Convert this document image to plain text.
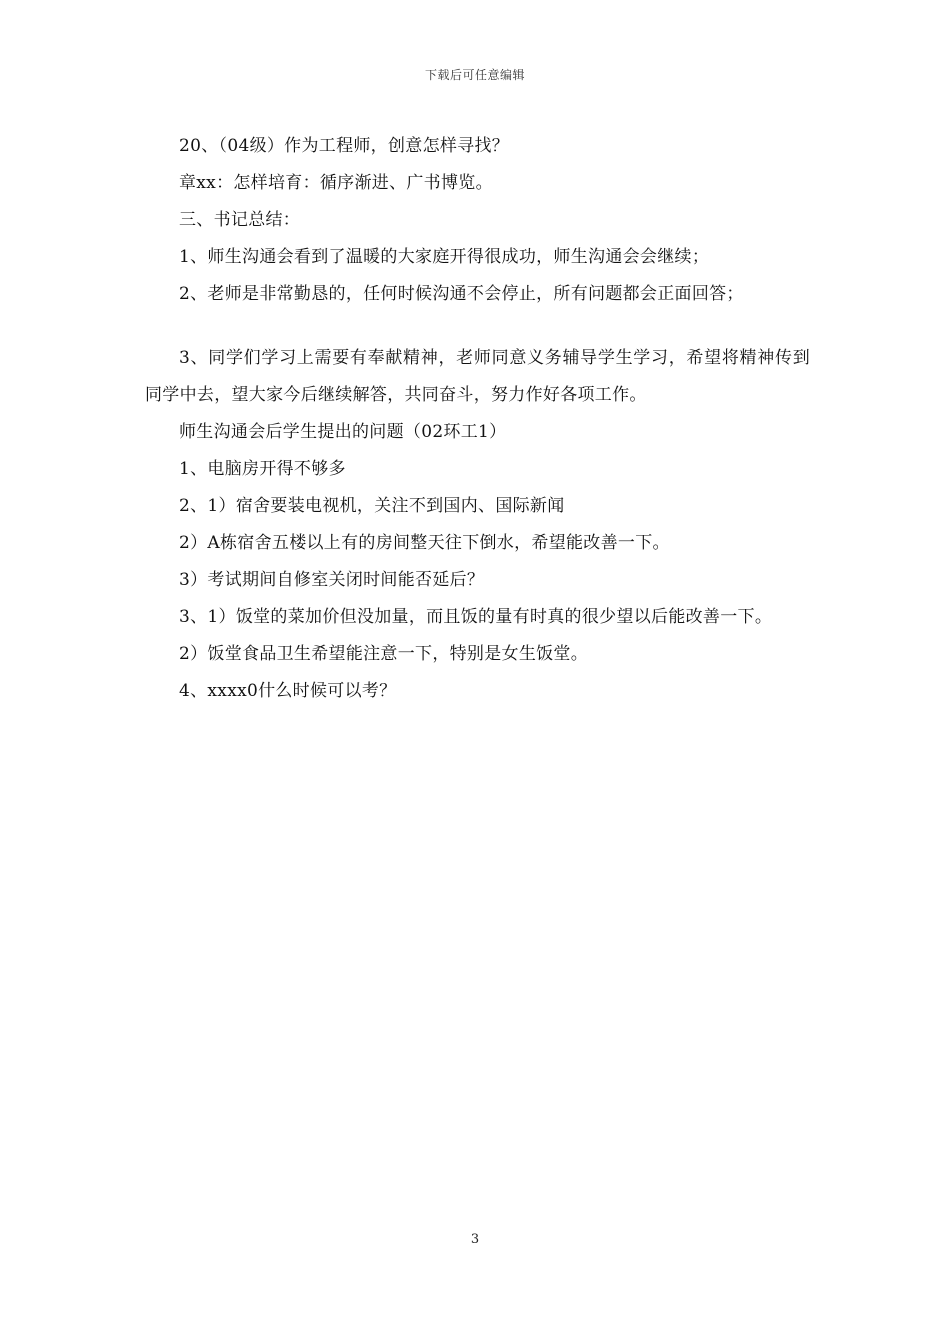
下载后可任意编辑

20、（04级）作为工程师，创意怎样寻找？

章xx：怎样培育：循序渐进、广书博览。

三、书记总结：

1、师生沟通会看到了温暖的大家庭开得很成功，师生沟通会会继续；

2、老师是非常勤恳的，任何时候沟通不会停止，所有问题都会正面回答；

3、同学们学习上需要有奉献精神，老师同意义务辅导学生学习，希望将精神传到同学中去，望大家今后继续解答，共同奋斗，努力作好各项工作。

师生沟通会后学生提出的问题（02环工1）

1、电脑房开得不够多

2、1）宿舍要装电视机，关注不到国内、国际新闻

2）A栋宿舍五楼以上有的房间整天往下倒水，希望能改善一下。

3）考试期间自修室关闭时间能否延后？

3、1）饭堂的菜加价但没加量，而且饭的量有时真的很少望以后能改善一下。

2）饭堂食品卫生希望能注意一下，特别是女生饭堂。

4、xxxx0什么时候可以考？

3
